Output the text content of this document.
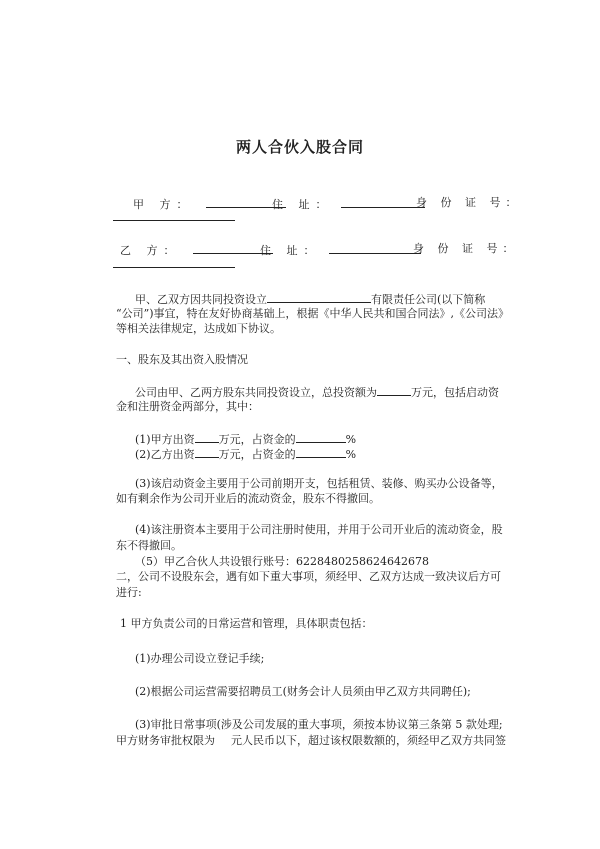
两人合伙入股合同
甲 方：	住 址：	身 份 证 号：
乙 方：	住 址：	身 份 证 号：
甲、乙双方因共同投资设立	有限责任公司(以下简称
“公司”)事宜，特在友好协商基础上，根据《中华人民共和国合同法》,《公司法》
等相关法律规定，达成如下协议。
一、股东及其出资入股情况
公司由甲、乙两方股东共同投资设立，总投资额为	万元，包括启动资
金和注册资金两部分，其中：
(1)甲方出资 万元，占资金的	%
(2)乙方出资 万元，占资金的	%
(3)该启动资金主要用于公司前期开支，包括租赁、装修、购买办公设备等，
如有剩余作为公司开业后的流动资金，股东不得撤回。
(4)该注册资本主要用于公司注册时使用，并用于公司开业后的流动资金，股
东不得撤回。
（5）甲乙合伙人共设银行账号：6228480258624642678
二，公司不设股东会，遇有如下重大事项，须经甲、乙双方达成一致决议后方可
进行:
1 甲方负责公司的日常运营和管理，具体职责包括：
(1)办理公司设立登记手续;
(2)根据公司运营需要招聘员工(财务会计人员须由甲乙双方共同聘任);
(3)审批日常事项(涉及公司发展的重大事项，须按本协议第三条第 5 款处理;
甲方财务审批权限为 元人民币以下，超过该权限数额的，须经甲乙双方共同签
